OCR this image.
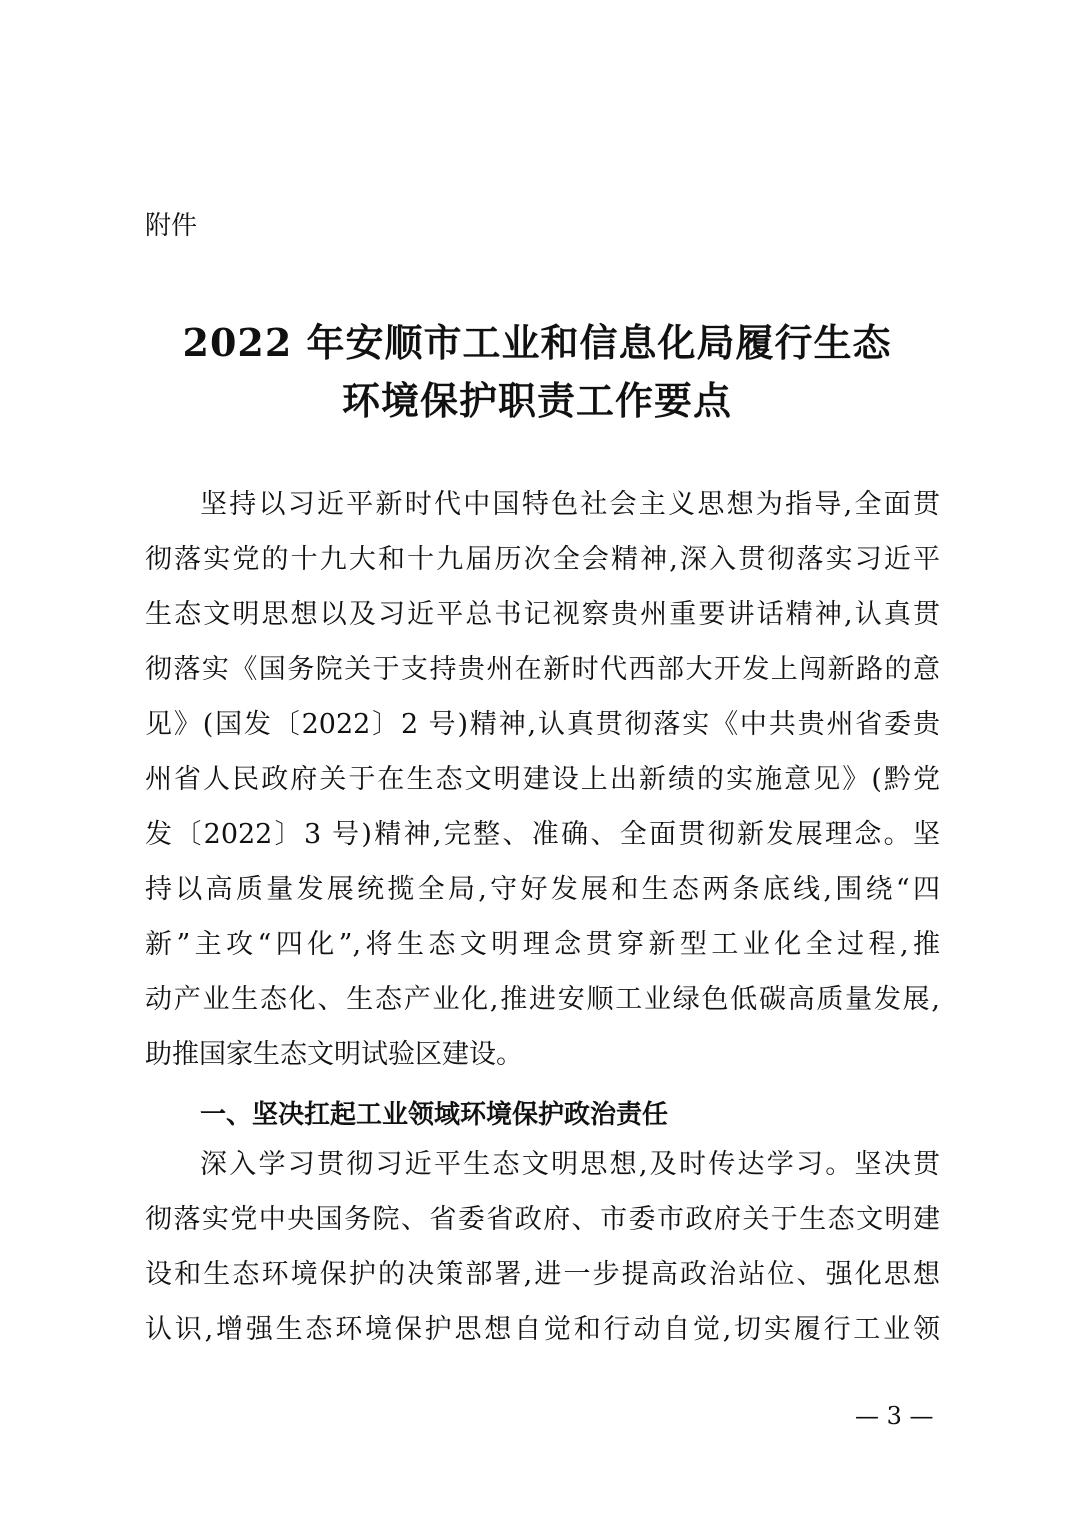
附件
2022 年安顺市工业和信息化局履行生态
环境保护职责工作要点
坚持以习近平新时代中国特色社会主义思想为指导,全面贯
彻落实党的十九大和十九届历次全会精神,深入贯彻落实习近平
生态文明思想以及习近平总书记视察贵州重要讲话精神,认真贯
彻落实《国务院关于支持贵州在新时代西部大开发上闯新路的意
见》(国发〔2022〕2 号)精神,认真贯彻落实《中共贵州省委贵
州省人民政府关于在生态文明建设上出新绩的实施意见》(黔党
发〔2022〕3 号)精神,完整、准确、全面贯彻新发展理念。坚
持以高质量发展统揽全局,守好发展和生态两条底线,围绕“四
新”主攻“四化”,将生态文明理念贯穿新型工业化全过程,推
动产业生态化、生态产业化,推进安顺工业绿色低碳高质量发展,
助推国家生态文明试验区建设。
一、坚决扛起工业领域环境保护政治责任
深入学习贯彻习近平生态文明思想,及时传达学习。坚决贯
彻落实党中央国务院、省委省政府、市委市政府关于生态文明建
设和生态环境保护的决策部署,进一步提高政治站位、强化思想
认识,增强生态环境保护思想自觉和行动自觉,切实履行工业领
— 3 —
